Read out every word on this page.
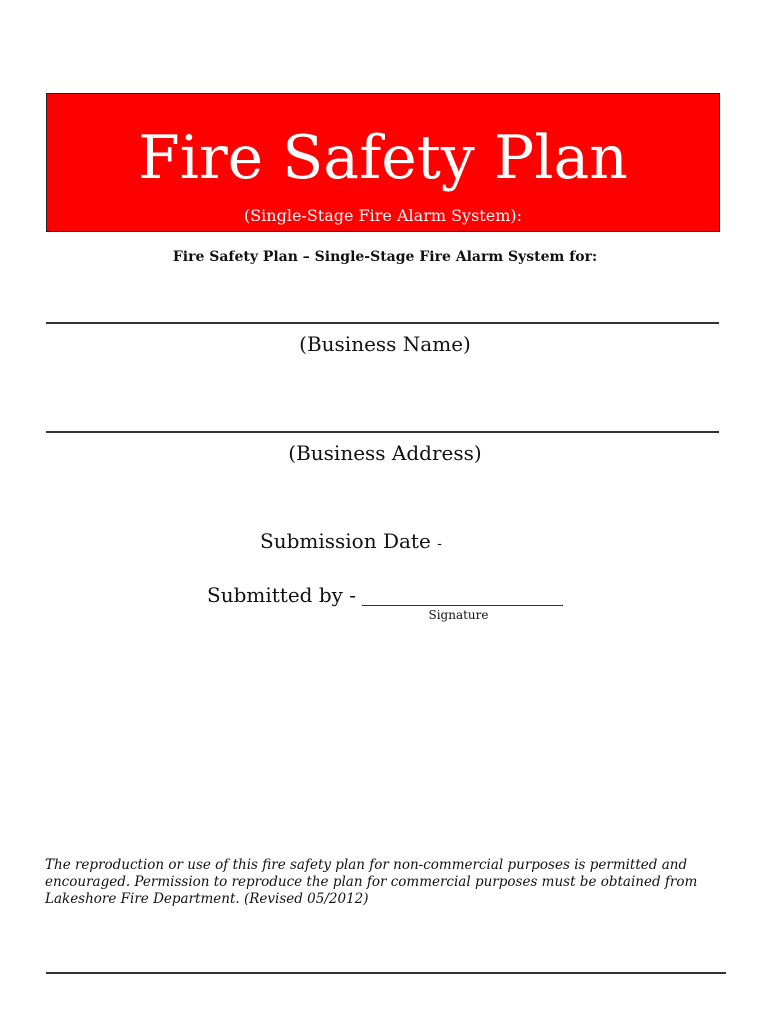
Fire Safety Plan
(Single-Stage Fire Alarm System):
Fire Safety Plan – Single-Stage Fire Alarm System for:
(Business Name)
(Business Address)
Submission Date -
Submitted by -
Signature
The reproduction or use of this fire safety plan for non-commercial purposes is permitted and encouraged. Permission to reproduce the plan for commercial purposes must be obtained from Lakeshore Fire Department. (Revised 05/2012)
